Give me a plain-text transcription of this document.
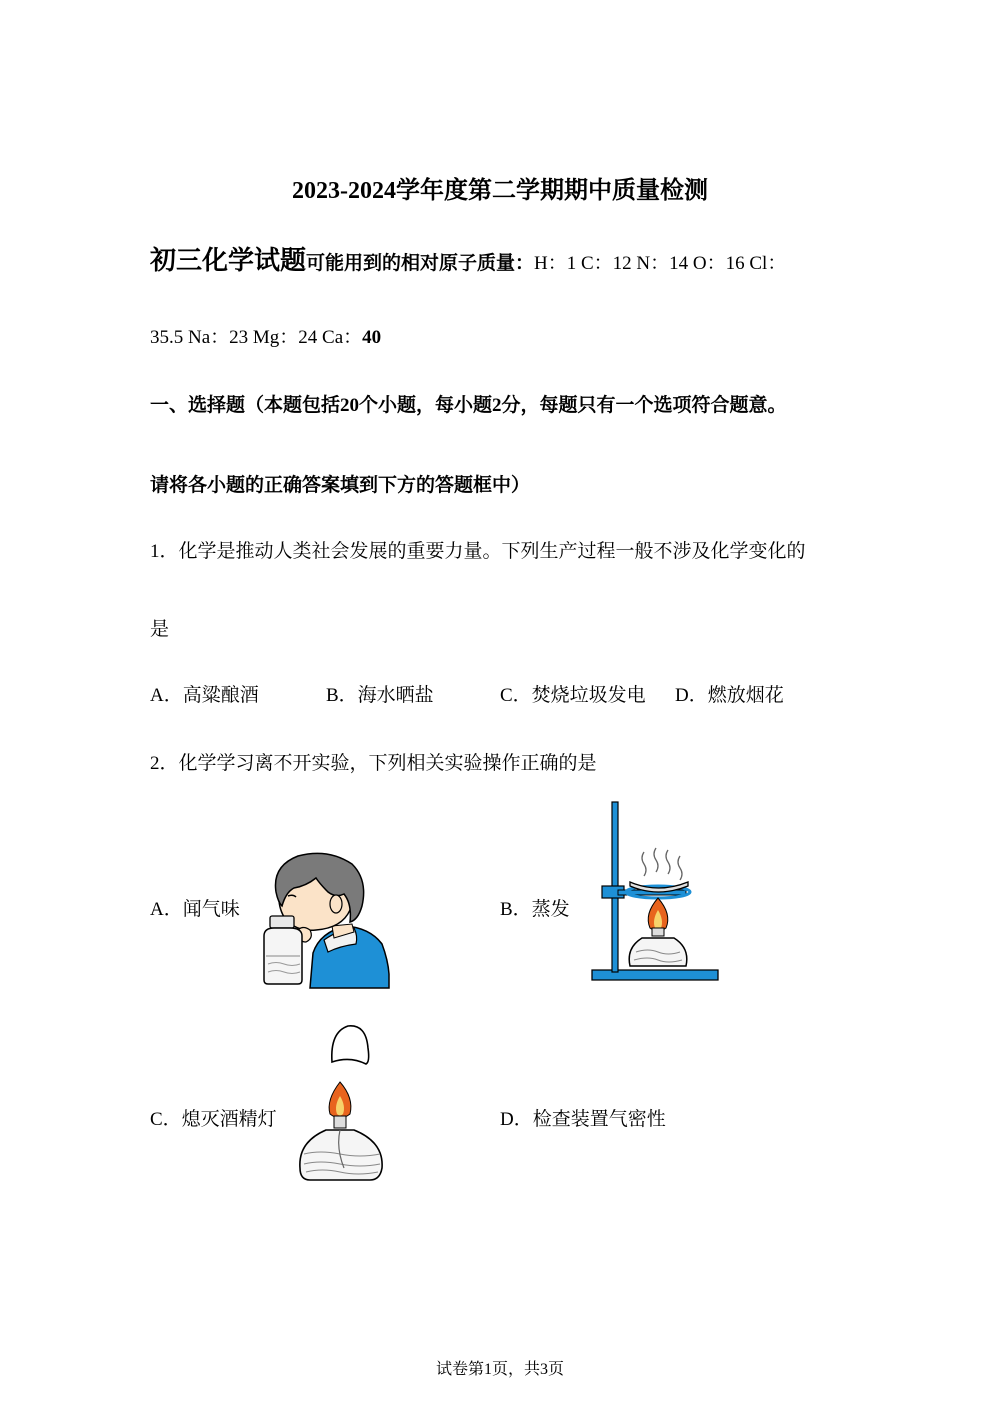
2023-2024学年度第二学期期中质量检测
初三化学试题可能用到的相对原子质量：H：1 C：12 N：14 O：16 Cl：
35.5 Na：23 Mg：24 Ca：40
一、选择题（本题包括20个小题，每小题2分，每题只有一个选项符合题意。
请将各小题的正确答案填到下方的答题框中）
1．化学是推动人类社会发展的重要力量。下列生产过程一般不涉及化学变化的
是
A．高粱酿酒	B．海水晒盐	C．焚烧垃圾发电 D．燃放烟花
2．化学学习离不开实验，下列相关实验操作正确的是
A．闻气味	B．蒸发
C．熄灭酒精灯	D．检查装置气密性
试卷第1页，共3页
